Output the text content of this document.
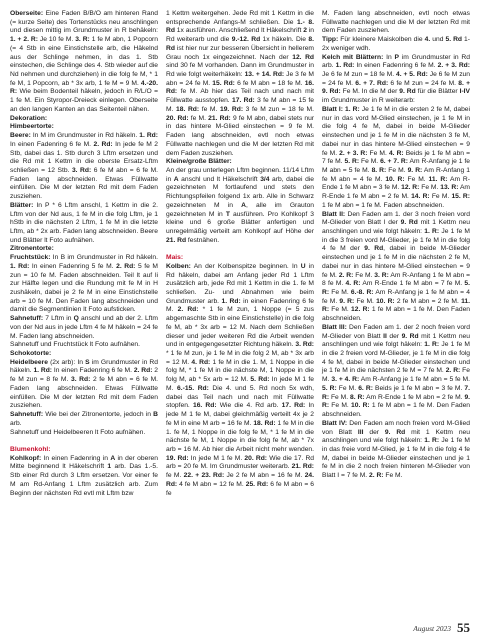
Oberseite: Eine Faden B/B/O am hinteren Rand (= kurze Seite) des Tortenstücks neu anschlingen und diesen mittig im Grundmuster in R behäkeln: 1. + 2. R: Je 10 fe M. 3. R: 1 fe M abn, 1 Popcorn (= 4 Stb in eine Einstichstelle arb, die Häkelnd aus der Schlinge nehmen, in das 1. Stb einstechen, die Schlinge des 4. Stb wieder auf die Nd nehmen und durchziehen) in die folg fe M, * 1 fe M, 1 Popcorn, ab * 3x arb, 1 fe M = 9 M. 4.-20. R: Wie beim Bodenteil häkeln, jedoch in R/L/O = 1 fe M. Ein Styropor-Dreieck einlegen. Oberseite an den langen Kanten an das Seitenteil nähen.

Dekoration:

Himbeertorte:

Beere: In M im Grundmuster in Rd häkeln. 1. Rd: In einen Fadenring 6 fe M. 2. Rd: In jede fe M 2 Stb, dabei das 1. Stb durch 3 Lftm ersetzen und die Rd mit 1 Kettm in die oberste Ersatz-Lftm schließen = 12 Stb. 3. Rd: 6 fe M abn = 6 fe M. Faden lang abschneiden. Etwas Füllwatte einfüllen. Die M der letzten Rd mit dem Faden zusziehen.

Blätter: In P * 6 Lftm anschl, 1 Kettm in die 2. Lftm von der Nd aus, 1 fe M in die folg Lftm, je 1 hStb in die nächsten 2 Lftm, 1 fe M in die letzte Lftm, ab * 2x arb. Faden lang abschneiden. Beere und Blätter lt Foto aufnähen.

Zitronentorte:

Fruchtstück: In B im Grundmuster in Rd häkeln. 1. Rd: In einen Fadenring 5 fe M. 2. Rd: 5 fe M zun = 10 fe M. Faden abschneiden. Teil lt auf li zur Hälfte legen und die Rundung mit fe M in H zushäkeln, dabei je 2 fe M in eine Einstichstelle arb = 10 fe M. Den Faden lang abschneiden und damit die Segmentlinien lt Foto aufsticken.

Sahnetuff: 7 Lftm in Q anschl und ab der 2. Lftm von der Nd aus in jede Lftm 4 fe M häkeln = 24 fe M. Faden lang abschneiden.

Sahnetuff und Fruchtstück lt Foto aufnähen.

Schokotorte:

Heidelbeere (2x arb): In S im Grundmuster in Rd häkeln. 1. Rd: In einen Fadenring 6 fe M. 2. Rd: 2 fe M zun = 8 fe M. 3. Rd: 2 fe M abn = 6 fe M. Faden lang abschneiden. Etwas Füllwatte einfüllen. Die M der letzten Rd mit dem Faden zusziehen.

Sahnetuff: Wie bei der Zitronentorte, jedoch in B arb.

Sahnetuff und Heidelbeeren lt Foto aufnähen.

Blumenkohl:

Kohlkopf: In einen Fadenring in A in der oberen Mitte beginnend lt Häkelschrift 1 arb. Das 1.-5. Stb einer Rd durch 3 Lftm ersetzen. Vor einer fe M am Rd-Anfang 1 Lftm zusätzlich arb. Zum Beginn der nächsten Rd evtl mit Lftm bzw

1 Kettm weitergehen. Jede Rd mit 1 Kettm in die entsprechende Anfangs-M schließen. Die 1.- 8. Rd 1x ausführen. Anschließend lt Häkelschrift 2 in Rd weiterarb und die 9.-12. Rd 1x häkeln. Die 8. Rd ist hier nur zur besseren Übersicht in hellerem Grau noch 1x eingezeichnet. Nach der 12. Rd sind 30 fe M vorhanden. Dann im Grundmuster in Rd wie folgt weiterhäkeln: 13. + 14. Rd: Je 3 fe M abn = 24 fe M. 15. Rd: 6 fe M abn = 18 fe M. 16. Rd: fe M. Ab hier das Teil nach und nach mit Füllwatte ausstopfen. 17. Rd: 3 fe M abn = 15 fe M. 18. Rd: fe M. 19. Rd: 3 fe M zun = 18 fe M. 20. Rd: fe M. 21. Rd: 9 fe M abn, dabei stets nur in das hintere M-Glied einstechen = 9 fe M. Faden lang abschneiden, evtl noch etwas Füllwatte nachlegen und die M der letzten Rd mit dem Faden zusziehen.

Kleine/große Blätter:

An der grau unterlegen Lftm beginnen. 11/14 Lftm in A anschl und lt Häkelschrift 3/4 arb, dabei die gezeichneten M fortlaufend und stets den Richtungspfeilen folgend 1x arb. Alle in Schwarz gezeichneten M in A, alle im Grauton gezeichneten M in T ausführen. Pro Kohlkopf 3 kleine und 6 große Blätter anfertigen und unregelmäßig verteilt am Kohlkopf auf Höhe der 21. Rd festnähen.

Mais:

Kolben: An der Kolbenspitze beginnen. In U in Rd häkeln, dabei am Anfang jeder Rd 1 Lftm zusätzlich arb, jede Rd mit 1 Kettm in die 1. fe M schließen. Zu- und Abnahmen wie beim Grundmuster arb. 1. Rd: in einen Fadenring 6 fe M. 2. Rd: * 1 fe M zun, 1 Noppe (= 5 zus abgemaschte Stb in eine Einstichstelle) in die folg fe M, ab * 3x arb = 12 M. Nach dem Schließen dieser und jeder weiteren Rd die Arbeit wenden und in entgegengesetzter Richtung häkeln. 3. Rd: * 1 fe M zun, je 1 fe M in die folg 2 M, ab * 3x arb = 12 M. 4. Rd: 1 fe M in die 1. M, 1 Noppe in die folg M, * 1 fe M in die nächste M, 1 Noppe in die folg M, ab * 5x arb = 12 M. 5. Rd: In jede M 1 fe M. 6.-15. Rd: Die 4. und 5. Rd noch 5x wdh, dabei das Teil nach und nach mit Füllwatte stopfen. 16. Rd: Wie die 4. Rd arb. 17. Rd: In jede M 1 fe M, dabei gleichmäßig verteilt 4x je 2 fe M in eine M arb = 16 fe M. 18. Rd: 1 fe M in die 1. fe M, 1 Noppe in die folg fe M, * 1 fe M in die nächste fe M, 1 Noppe in die folg fe M, ab * 7x arb = 16 M. Ab hier die Arbeit nicht mehr wenden. 19. Rd: In jede M 1 fe M. 20. Rd: Wie die 17. Rd arb = 20 fe M. Im Grundmuster weiterarb. 21. Rd: fe M. 22. + 23. Rd: Je 2 fe M abn = 16 fe M. 24. Rd: 4 fe M abn = 12 fe M. 25. Rd: 6 fe M abn = 6 fe

M. Faden lang abschneiden, evtl noch etwas Füllwatte nachlegen und die M der letzten Rd mit dem Faden zusziehen.

Tipp: Für kleinere Maiskolben die 4. und 5. Rd 1-2x weniger wdh.

Kelch mit Blättern: In P im Grundmuster in Rd arb. 1. Rd: In einen Fadenring 6 fe M. 2. + 3. Rd: Je 6 fe M zun = 18 fe M. 4. + 5. Rd: Je 6 fe M zun = 24 fe M. 6. + 7. Rd: 6 fe M zun = 24 fe M. 8. + 9. Rd: Fe M. In die M der 9. Rd für die Blätter I-IV im Grundmuster in R weiterarb:

Blatt I: 1. R: Je 1 fe M in die ersten 2 fe M, dabei nur in das vord M-Glied einstechen, je 1 fe M in die folg 4 fe M, dabei in beide M-Glieder einstechen und je 1 fe M in die nächsten 3 fe M, dabei nur in das hintere M-Glied einstechen = 9 fe M. 2. + 3. R: Fe M. 4. R: Beids je 1 fe M abn = 7 fe M. 5. R: Fe M. 6. + 7. R: Am R-Anfang je 1 fe M abn = 5 fe M. 8. R: Fe M. 9. R: Am R-Anfang 1 fe M abn = 4 fe M. 10. R: Fe M. 11. R: Am R-Ende 1 fe M abn = 3 fe M. 12. R: Fe M. 13. R: Am R-Ende 1 fe M abn = 2 fe M. 14. R: Fe M. 15. R: 1 fe M abn = 1 fe M. Faden abschneiden.

Blatt II: Den Faden am 1. der 3 noch freien vord M-Glieder von Blatt I der 9. Rd mit 1 Kettm neu anschlingen und wie folgt häkeln: 1. R: Je 1 fe M in die 3 freien vord M-Glieder, je 1 fe M in die folg 4 fe M der 9. Rd, dabei in beide M-Glieder einstechen und je 1 fe M in die nächsten 2 fe M, dabei nur in das hintere M-Glied einstechen = 9 fe M. 2. R: Fe M. 3. R: Am R-Anfang 1 fe M abn = 8 fe M. 4. R: Am R-Ende 1 fe M abn = 7 fe M. 5. R: Fe M. 6.-8. R: Am R-Anfang je 1 fe M abn = 4 fe M. 9. R: Fe M. 10. R: 2 fe M abn = 2 fe M. 11. R: Fe M. 12. R: 1 fe M abn = 1 fe M. Den Faden abschneiden.

Blatt III: Den Faden am 1. der 2 noch freien vord M-Glieder von Blatt II der 9. Rd mit 1 Kettm neu anschlingen und wie folgt häkeln: 1. R: Je 1 fe M in die 2 freien vord M-Glieder, je 1 fe M in die folg 4 fe M, dabei in beide M-Glieder einstechen und je 1 fe M in die nächsten 2 fe M = 7 fe M. 2. R: Fe M. 3. + 4. R: Am R-Anfang je 1 fe M abn = 5 fe M. 5. R: Fe M. 6. R: Beids je 1 fe M abn = 3 fe M. 7. R: Fe M. 8. R: Am R-Ende 1 fe M abn = 2 fe M. 9. R: Fe M. 10. R: 1 fe M abn = 1 fe M. Den Faden abschneiden.

Blatt IV: Den Faden am noch freien vord M-Glied von Blatt III der 9. Rd mit 1 Kettm neu anschlingen und wie folgt häkeln: 1. R: Je 1 fe M in das freie vord M-Glied, je 1 fe M in die folg 4 fe M, dabei in beide M-Glieder einstechen und je 1 fe M in die 2 noch freien hinteren M-Glieder von Blatt I = 7 fe M. 2. R: Fe M.

August 2023 55
